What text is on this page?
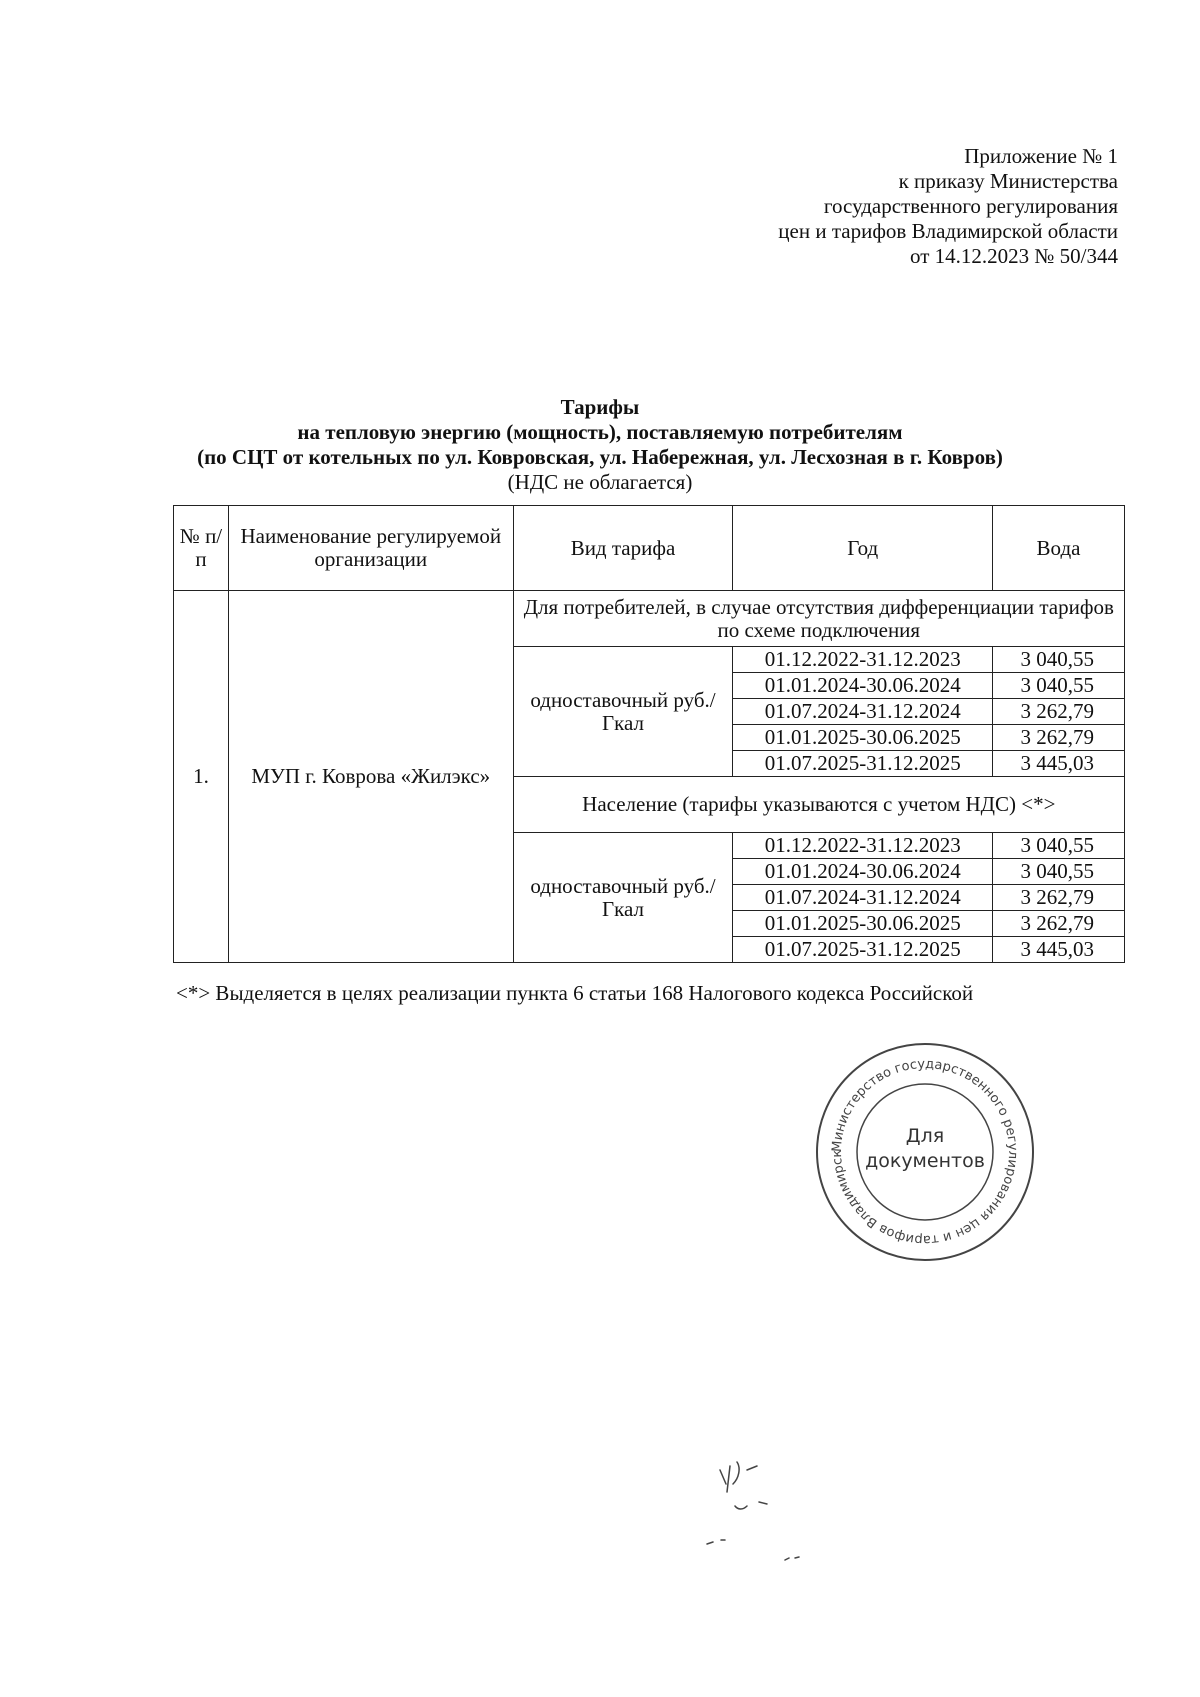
Приложение № 1
к приказу Министерства
государственного регулирования
цен и тарифов Владимирской области
от 14.12.2023 № 50/344
Тарифы
на тепловую энергию (мощность), поставляемую потребителям
(по СЦТ от котельных по ул. Ковровская, ул. Набережная, ул. Лесхозная в г. Ковров)
(НДС не облагается)
№ п/п	Наименование регулируемой организации	Вид тарифа	Год	Вода
1.	МУП г. Коврова «Жилэкс»	Для потребителей, в случае отсутствия дифференциации тарифов по схеме подключения		
		одноставочный руб./Гкал	01.12.2022-31.12.2023	3 040,55
			01.01.2024-30.06.2024	3 040,55
			01.07.2024-31.12.2024	3 262,79
			01.01.2025-30.06.2025	3 262,79
			01.07.2025-31.12.2025	3 445,03
		Население (тарифы указываются с учетом НДС) <*>		
		одноставочный руб./Гкал	01.12.2022-31.12.2023	3 040,55
			01.01.2024-30.06.2024	3 040,55
			01.07.2024-31.12.2024	3 262,79
			01.01.2025-30.06.2025	3 262,79
			01.07.2025-31.12.2025	3 445,03
<*> Выделяется в целях реализации пункта 6 статьи 168 Налогового кодекса Российской
Министерство государственного регулирования цен и тарифов Владимирск
Для
документов
